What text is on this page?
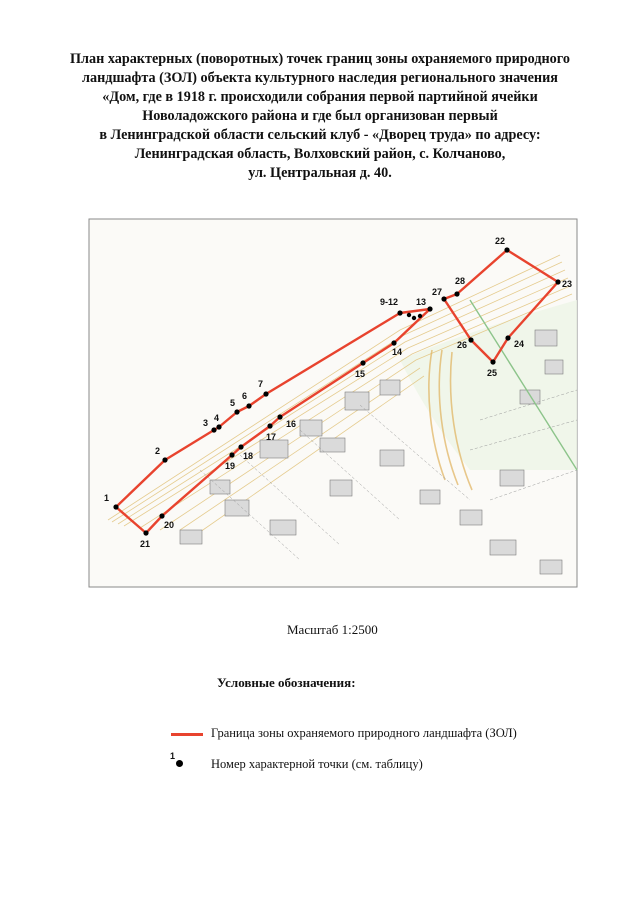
План характерных (поворотных) точек границ зоны охраняемого природного
ландшафта (ЗОЛ) объекта культурного наследия регионального значения
«Дом, где в 1918 г. происходили собрания первой партийной ячейки
Новоладожского района и где был организован первый
в Ленинградской области сельский клуб - «Дворец труда» по адресу:
Ленинградская область, Волховский район, с. Колчаново,
ул. Центральная д. 40.
1
2
3 4
5
6
7
9-12 13
14
15
16
17
18
19
20
21
22
23
24
25
26
27
28
Масштаб 1:2500
Условные обозначения:
Граница зоны охраняемого природного ландшафта (ЗОЛ)
1
Номер характерной точки (см. таблицу)
